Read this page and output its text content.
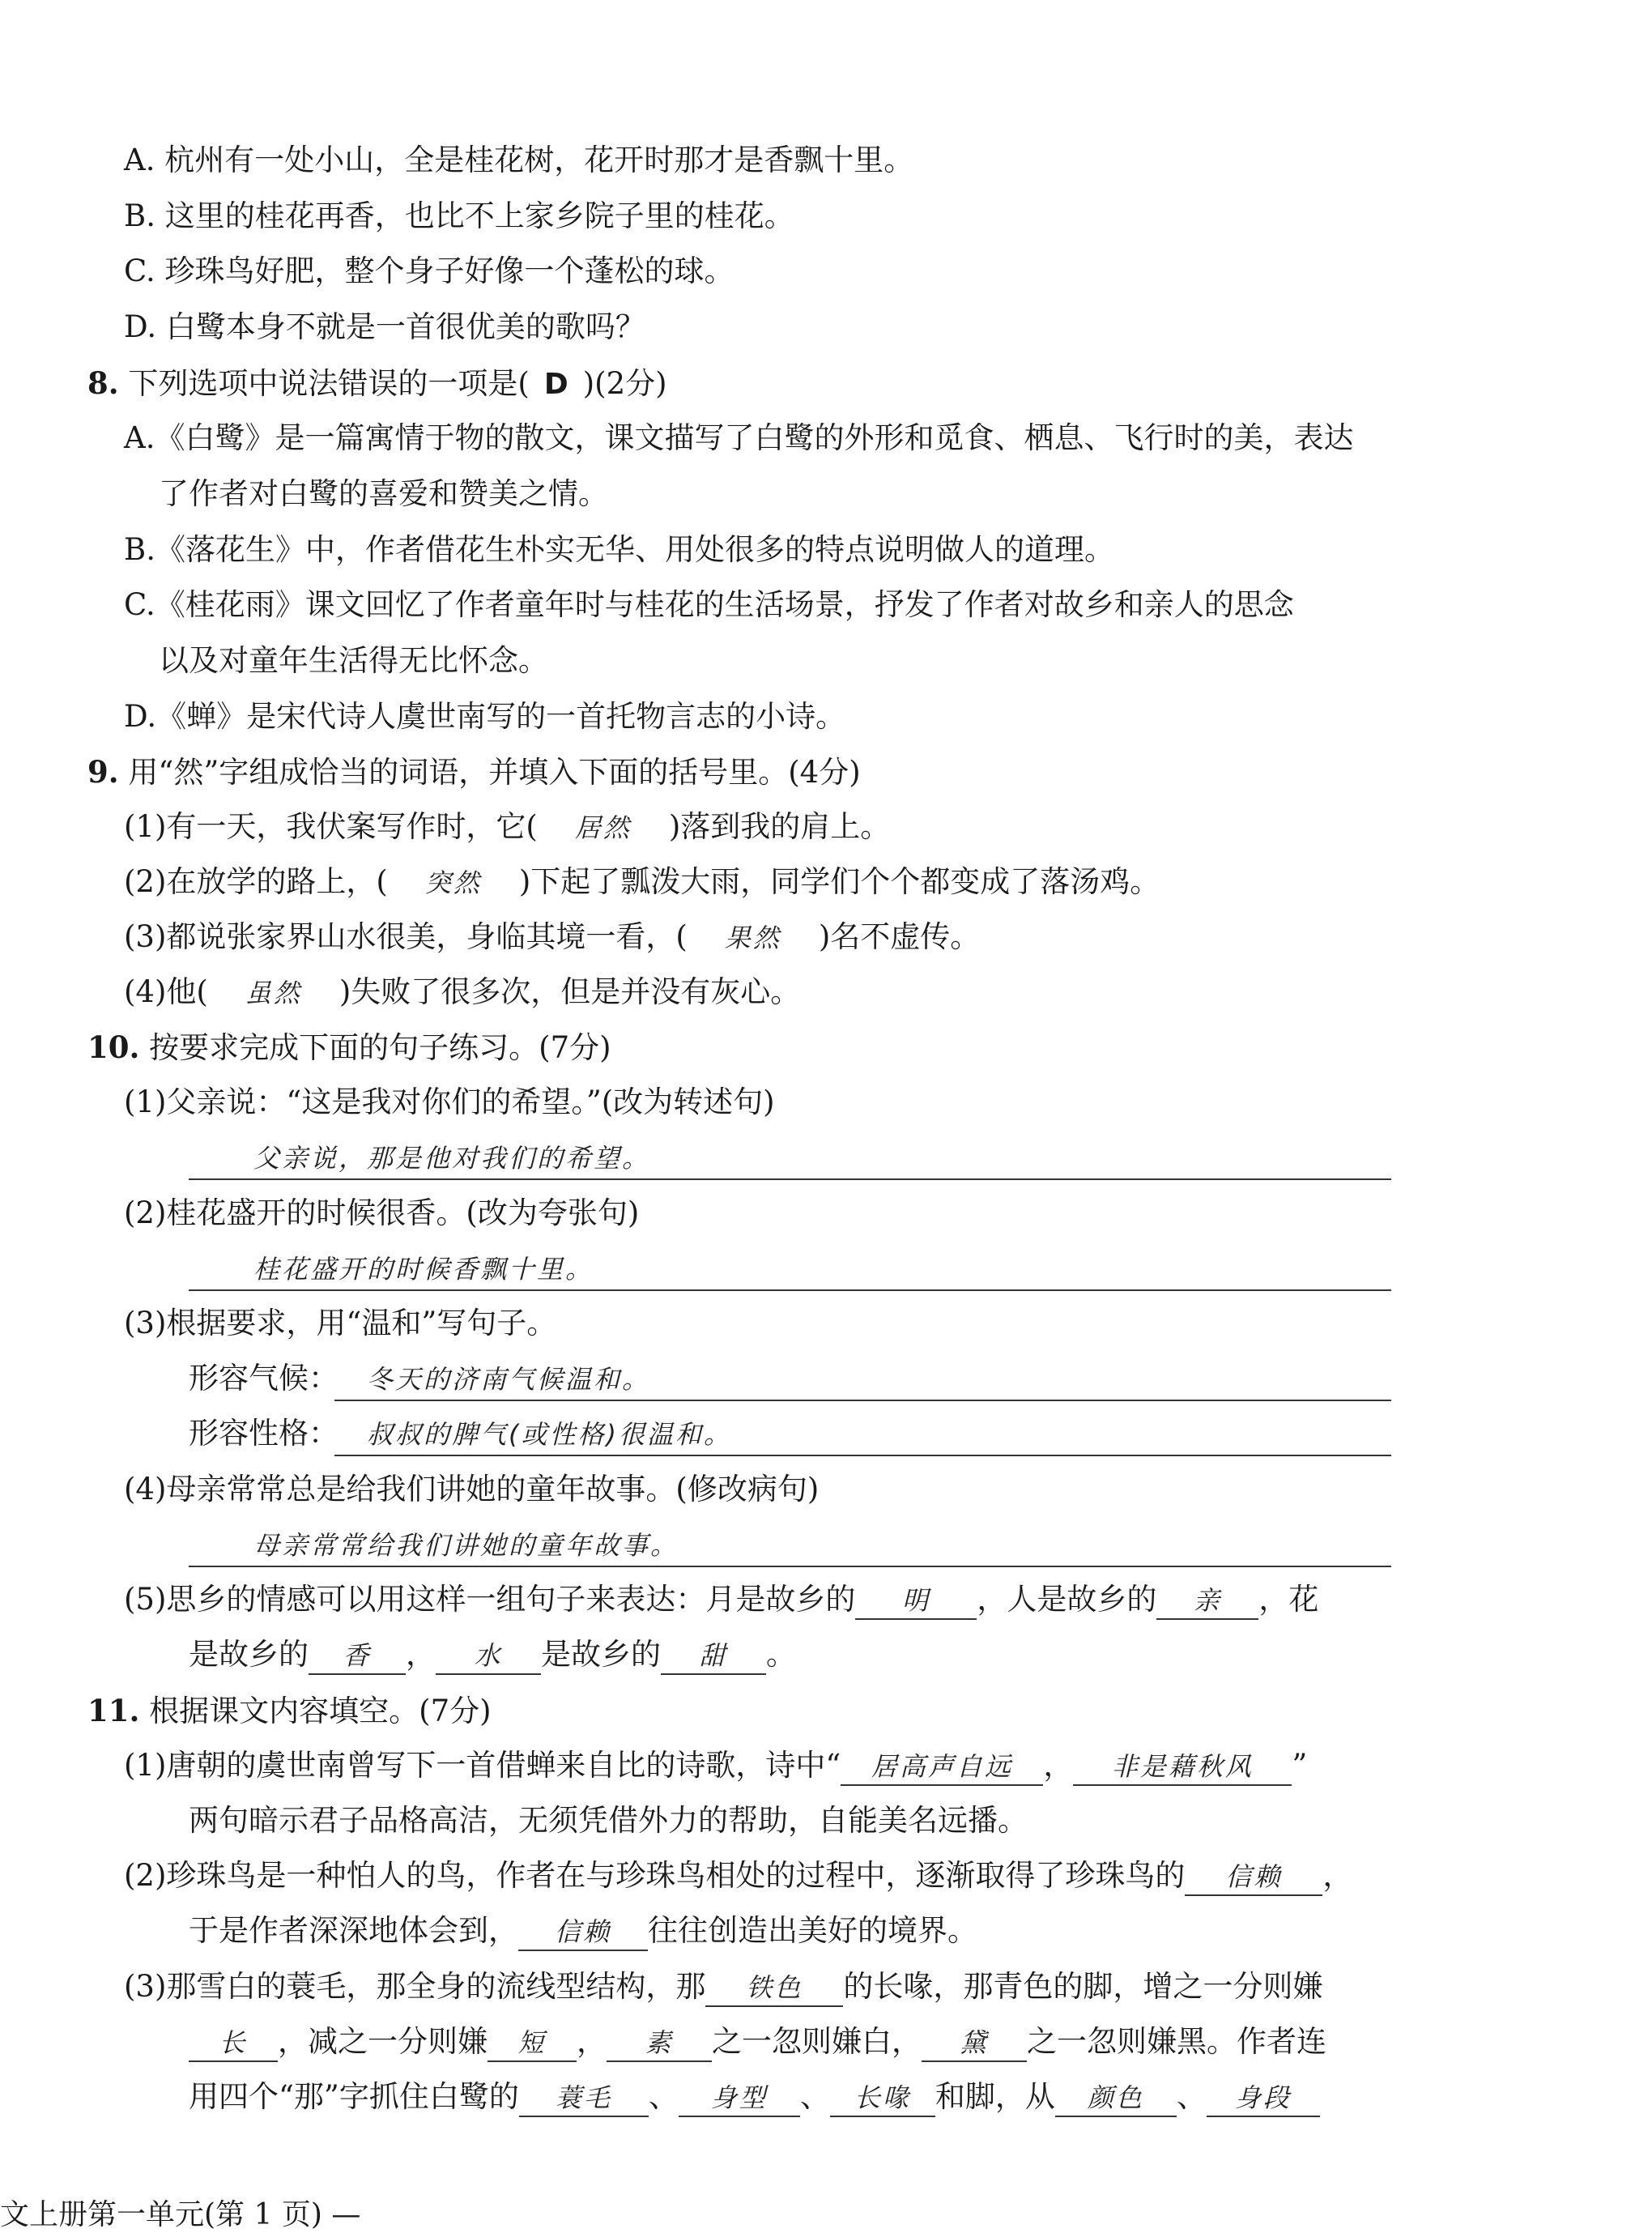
A. 杭州有一处小山，全是桂花树，花开时那才是香飘十里。
B. 这里的桂花再香，也比不上家乡院子里的桂花。
C. 珍珠鸟好肥，整个身子好像一个蓬松的球。
D. 白鹭本身不就是一首很优美的歌吗？
8. 下列选项中说法错误的一项是( D )(2分)
A.《白鹭》是一篇寓情于物的散文，课文描写了白鹭的外形和觅食、栖息、飞行时的美，表达
了作者对白鹭的喜爱和赞美之情。
B.《落花生》中，作者借花生朴实无华、用处很多的特点说明做人的道理。
C.《桂花雨》课文回忆了作者童年时与桂花的生活场景，抒发了作者对故乡和亲人的思念
以及对童年生活得无比怀念。
D.《蝉》是宋代诗人虞世南写的一首托物言志的小诗。
9. 用“然”字组成恰当的词语，并填入下面的括号里。(4分)
(1)有一天，我伏案写作时，它( 居然 )落到我的肩上。
(2)在放学的路上，( 突然 )下起了瓢泼大雨，同学们个个都变成了落汤鸡。
(3)都说张家界山水很美，身临其境一看，( 果然 )名不虚传。
(4)他( 虽然 )失败了很多次，但是并没有灰心。
10. 按要求完成下面的句子练习。(7分)
(1)父亲说：“这是我对你们的希望。”(改为转述句)
父亲说，那是他对我们的希望。
(2)桂花盛开的时候很香。(改为夸张句)
桂花盛开的时候香飘十里。
(3)根据要求，用“温和”写句子。
形容气候：	冬天的济南气候温和。
形容性格：	叔叔的脾气(或性格)很温和。
(4)母亲常常总是给我们讲她的童年故事。(修改病句)
母亲常常给我们讲她的童年故事。
(5)思乡的情感可以用这样一组句子来表达：月是故乡的 明 ，人是故乡的 亲 ，花
是故乡的 香 ， 水 是故乡的 甜 。
11. 根据课文内容填空。(7分)
(1)唐朝的虞世南曾写下一首借蝉来自比的诗歌，诗中“ 居高声自远 ， 非是藉秋风 ”
两句暗示君子品格高洁，无须凭借外力的帮助，自能美名远播。
(2)珍珠鸟是一种怕人的鸟，作者在与珍珠鸟相处的过程中，逐渐取得了珍珠鸟的 信赖 ，
于是作者深深地体会到， 信赖 往往创造出美好的境界。
(3)那雪白的蓑毛，那全身的流线型结构，那 铁色 的长喙，那青色的脚，增之一分则嫌
长 ，减之一分则嫌 短 ， 素 之一忽则嫌白， 黛 之一忽则嫌黑。作者连
用四个“那”字抓住白鹭的 蓑毛 、 身型 、 长喙 和脚，从 颜色 、 身段
文上册第一单元(第 1 页) —
